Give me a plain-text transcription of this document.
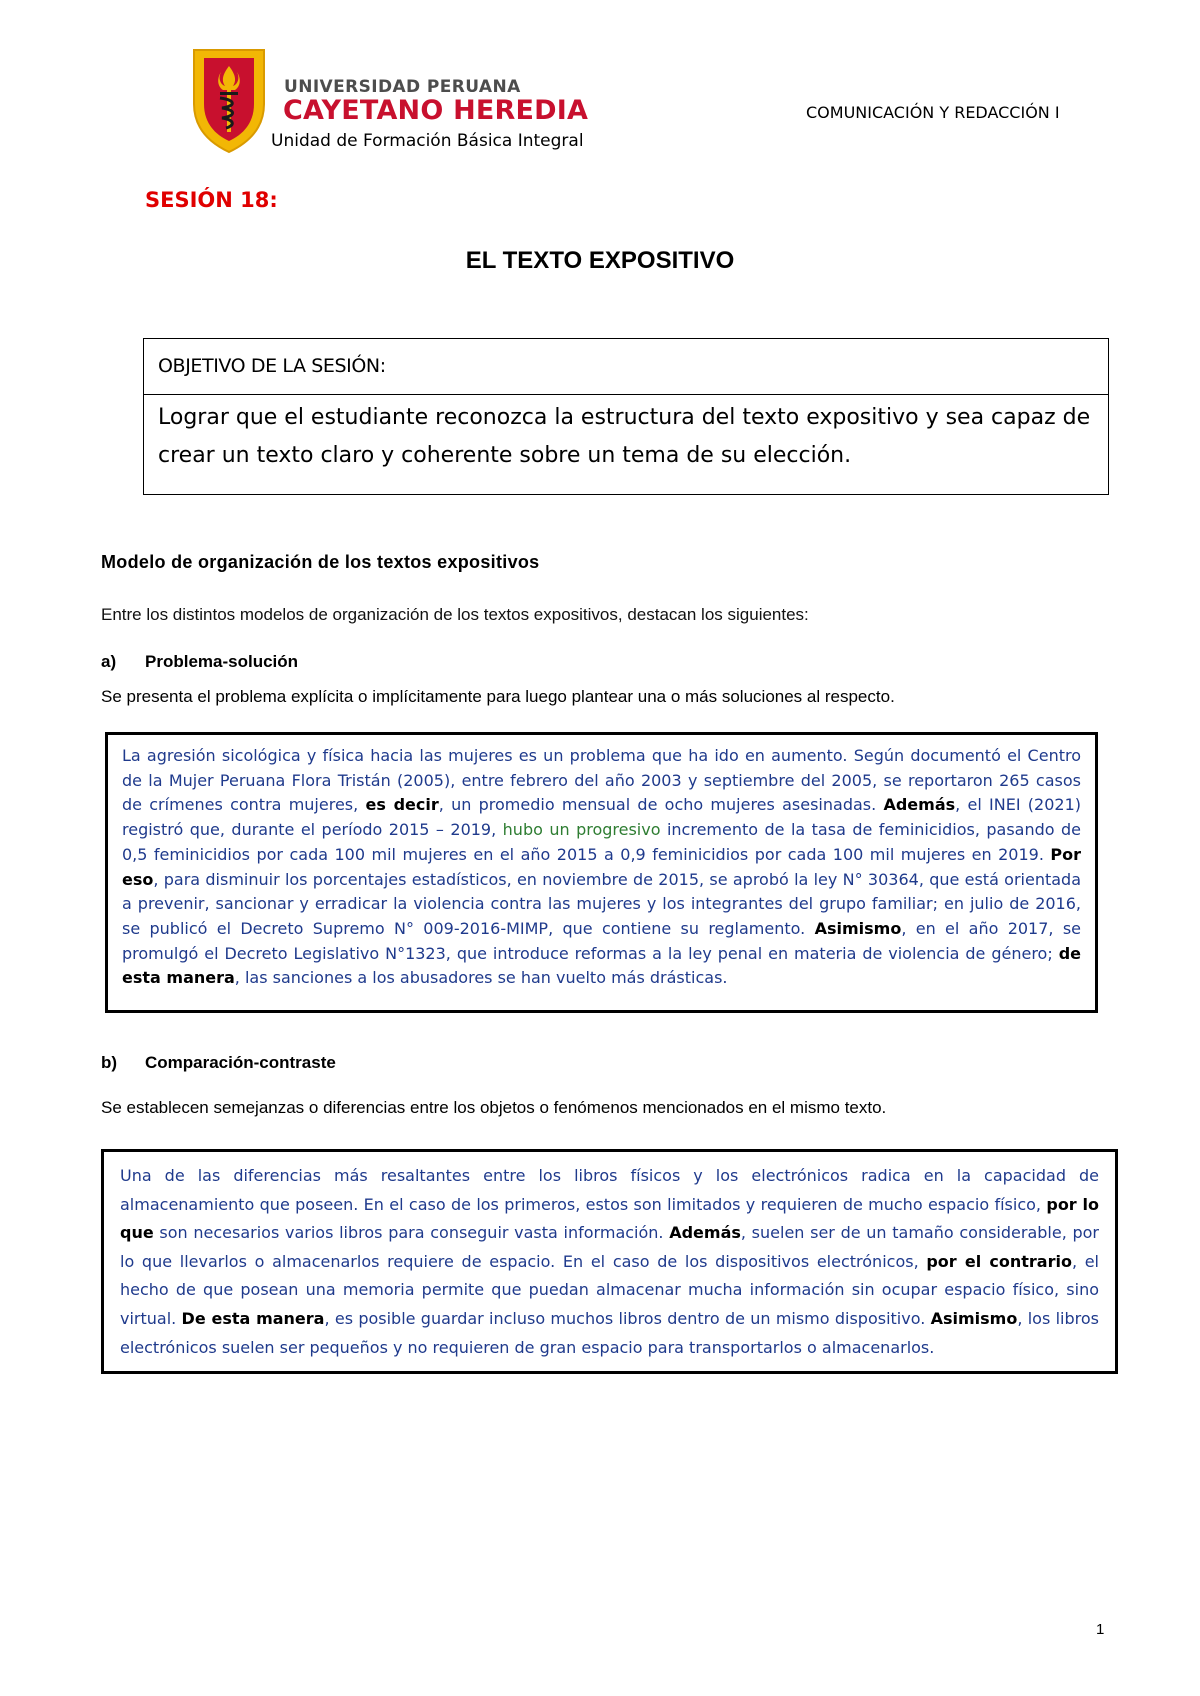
UNIVERSIDAD PERUANA
CAYETANO HEREDIA
Unidad de Formación Básica Integral
COMUNICACIÓN Y REDACCIÓN I
SESIÓN 18:
EL TEXTO EXPOSITIVO
OBJETIVO DE LA SESIÓN:
Lograr que el estudiante reconozca la estructura del texto expositivo y sea capaz de crear un texto claro y coherente sobre un tema de su elección.
Modelo de organización de los textos expositivos
Entre los distintos modelos de organización de los textos expositivos, destacan los siguientes:
a) Problema-solución
Se presenta el problema explícita o implícitamente para luego plantear una o más soluciones al respecto.
La agresión sicológica y física hacia las mujeres es un problema que ha ido en aumento. Según documentó el Centro de la Mujer Peruana Flora Tristán (2005), entre febrero del año 2003 y septiembre del 2005, se reportaron 265 casos de crímenes contra mujeres, es decir, un promedio mensual de ocho mujeres asesinadas. Además, el INEI (2021) registró que, durante el período 2015 – 2019, hubo un progresivo incremento de la tasa de feminicidios, pasando de 0,5 feminicidios por cada 100 mil mujeres en el año 2015 a 0,9 feminicidios por cada 100 mil mujeres en 2019. Por eso, para disminuir los porcentajes estadísticos, en noviembre de 2015, se aprobó la ley N° 30364, que está orientada a prevenir, sancionar y erradicar la violencia contra las mujeres y los integrantes del grupo familiar; en julio de 2016, se publicó el Decreto Supremo N° 009-2016-MIMP, que contiene su reglamento. Asimismo, en el año 2017, se promulgó el Decreto Legislativo N°1323, que introduce reformas a la ley penal en materia de violencia de género; de esta manera, las sanciones a los abusadores se han vuelto más drásticas.
b) Comparación-contraste
Se establecen semejanzas o diferencias entre los objetos o fenómenos mencionados en el mismo texto.
Una de las diferencias más resaltantes entre los libros físicos y los electrónicos radica en la capacidad de almacenamiento que poseen. En el caso de los primeros, estos son limitados y requieren de mucho espacio físico, por lo que son necesarios varios libros para conseguir vasta información. Además, suelen ser de un tamaño considerable, por lo que llevarlos o almacenarlos requiere de espacio. En el caso de los dispositivos electrónicos, por el contrario, el hecho de que posean una memoria permite que puedan almacenar mucha información sin ocupar espacio físico, sino virtual. De esta manera, es posible guardar incluso muchos libros dentro de un mismo dispositivo. Asimismo, los libros electrónicos suelen ser pequeños y no requieren de gran espacio para transportarlos o almacenarlos.
1
